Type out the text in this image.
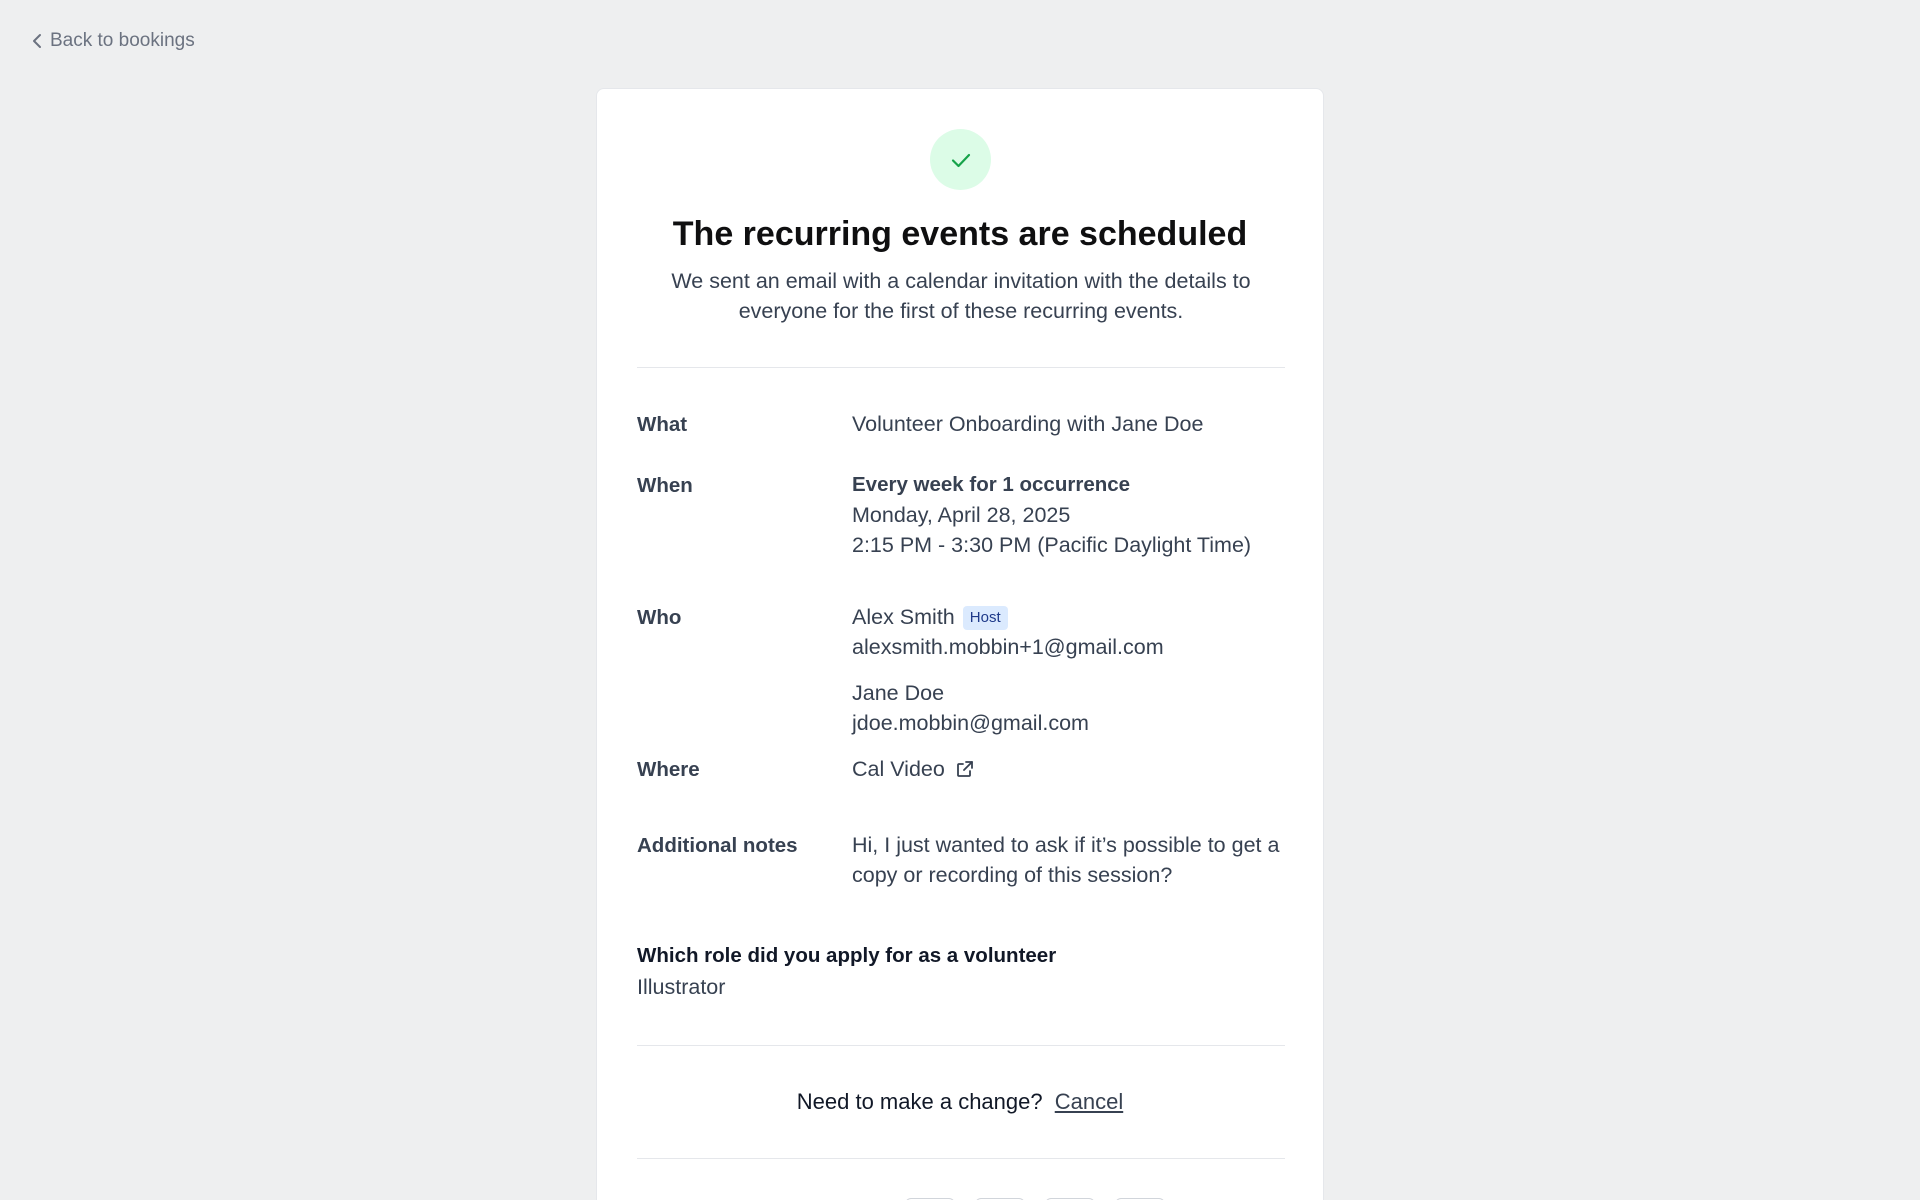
Back to bookings
The recurring events are scheduled
We sent an email with a calendar invitation with the details to everyone for the first of these recurring events.
What	Volunteer Onboarding with Jane Doe
When	Every week for 1 occurrence
Monday, April 28, 2025
2:15 PM - 3:30 PM (Pacific Daylight Time)
Who	Alex Smith Host
alexsmith.mobbin+1@gmail.com
Jane Doe
jdoe.mobbin@gmail.com
Where	Cal Video
Additional notes	Hi, I just wanted to ask if it’s possible to get a copy or recording of this session?
Which role did you apply for as a volunteer
Illustrator
Need to make a change? Cancel
